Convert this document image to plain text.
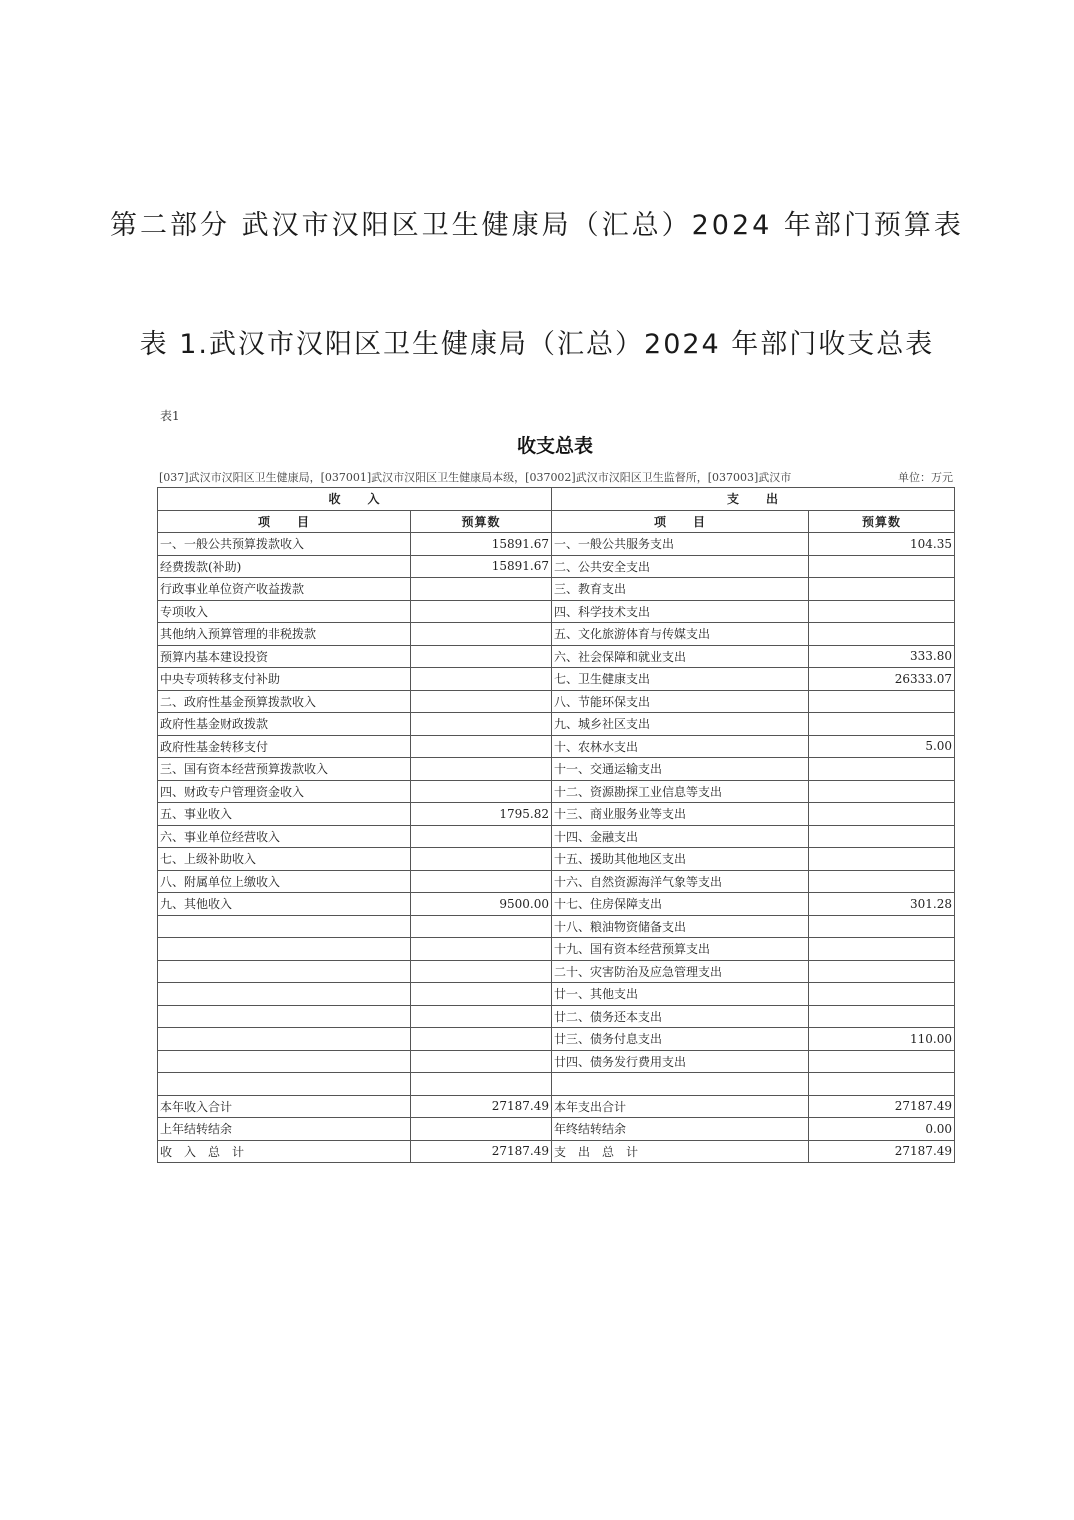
第二部分 武汉市汉阳区卫生健康局（汇总）2024 年部门预算表
表 1.武汉市汉阳区卫生健康局（汇总）2024 年部门收支总表
表1
收支总表
[037]武汉市汉阳区卫生健康局，[037001]武汉市汉阳区卫生健康局本级，[037002]武汉市汉阳区卫生监督所，[037003]武汉市	单位：万元
收　　入		支　　出	
项　　目	预算数	项　　目	预算数
一、一般公共预算拨款收入	15891.67	一、一般公共服务支出	104.35
经费拨款(补助)	15891.67	二、公共安全支出	
行政事业单位资产收益拨款		三、教育支出	
专项收入		四、科学技术支出	
其他纳入预算管理的非税拨款		五、文化旅游体育与传媒支出	
预算内基本建设投资		六、社会保障和就业支出	333.80
中央专项转移支付补助		七、卫生健康支出	26333.07
二、政府性基金预算拨款收入		八、节能环保支出	
政府性基金财政拨款		九、城乡社区支出	
政府性基金转移支付		十、农林水支出	5.00
三、国有资本经营预算拨款收入		十一、交通运输支出	
四、财政专户管理资金收入		十二、资源勘探工业信息等支出	
五、事业收入	1795.82	十三、商业服务业等支出	
六、事业单位经营收入		十四、金融支出	
七、上级补助收入		十五、援助其他地区支出	
八、附属单位上缴收入		十六、自然资源海洋气象等支出	
九、其他收入	9500.00	十七、住房保障支出	301.28
		十八、粮油物资储备支出	
		十九、国有资本经营预算支出	
		二十、灾害防治及应急管理支出	
		廿一、其他支出	
		廿二、债务还本支出	
		廿三、债务付息支出	110.00
		廿四、债务发行费用支出	

本年收入合计	27187.49	本年支出合计	27187.49
上年结转结余		年终结转结余	0.00
收　入　总　计	27187.49	支　出　总　计	27187.49
